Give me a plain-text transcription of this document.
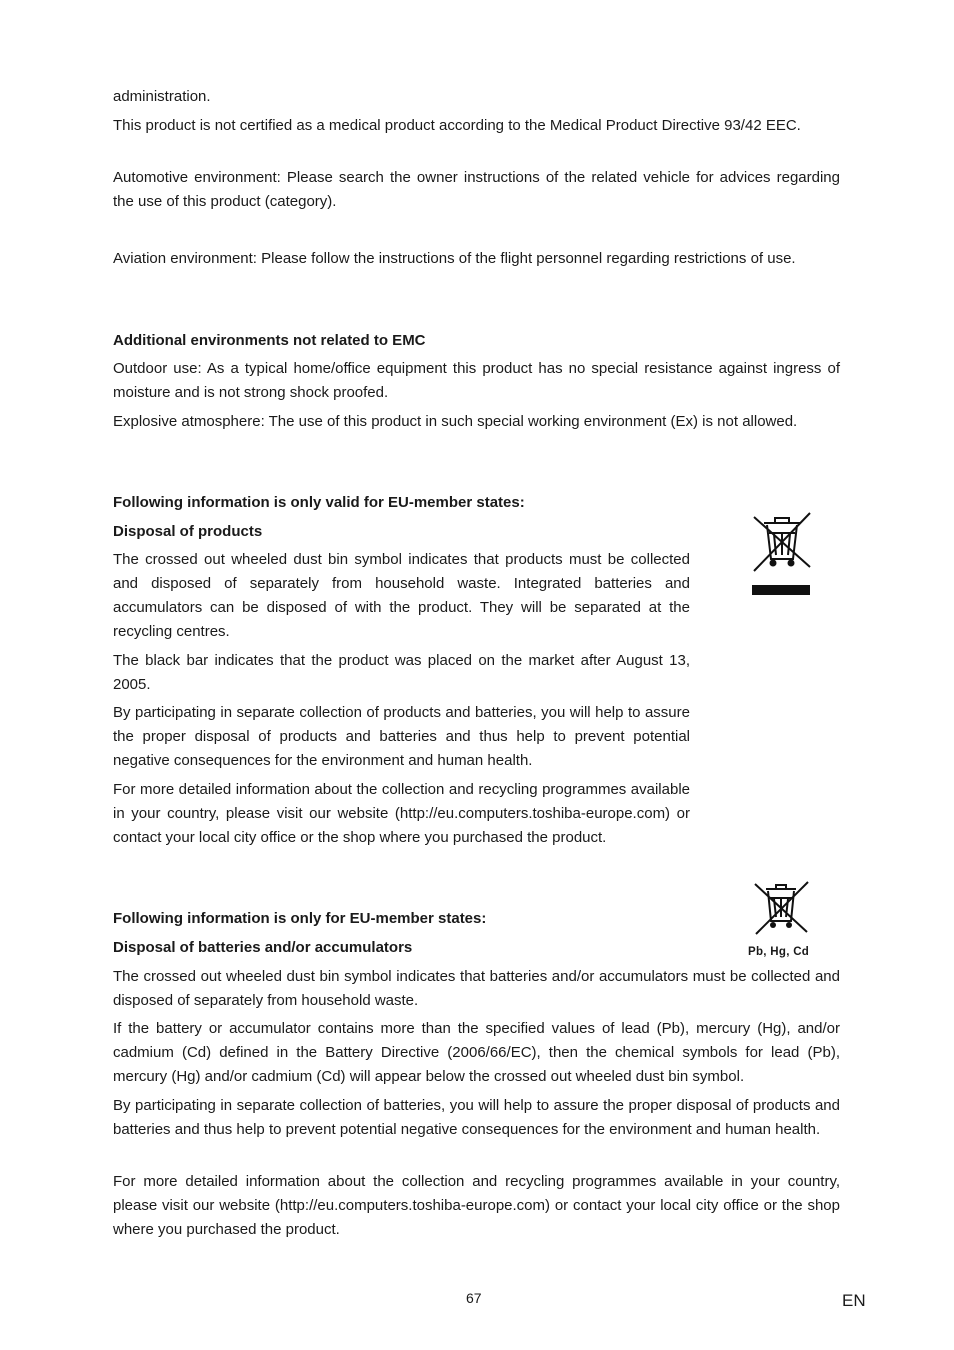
administration.

This product is not certified as a medical product according to the Medical Product Directive 93/42 EEC.

Automotive environment: Please search the owner instructions of the related vehicle for advices regarding the use of this product (category).

Aviation environment: Please follow the instructions of the flight personnel regarding restrictions of use.

Additional environments not related to EMC

Outdoor use: As a typical home/office equipment this product has no special resistance against ingress of moisture and is not strong shock proofed.

Explosive atmosphere: The use of this product in such special working environment (Ex) is not allowed.

Following information is only valid for EU-member states:

Disposal of products

The crossed out wheeled dust bin symbol indicates that products must be collected and disposed of separately from household waste. Integrated batteries and accumulators can be disposed of with the product. They will be separated at the recycling centres.

The black bar indicates that the product was placed on the market after August 13, 2005.

By participating in separate collection of products and batteries, you will help to assure the proper disposal of products and batteries and thus help to prevent potential negative consequences for the environment and human health.

For more detailed information about the collection and recycling programmes available in your country, please visit our website (http://eu.computers.toshiba-europe.com) or contact your local city office or the shop where you purchased the product.

Following information is only for EU-member states:

Disposal of batteries and/or accumulators	Pb, Hg, Cd

The crossed out wheeled dust bin symbol indicates that batteries and/or accumulators must be collected and disposed of separately from household waste.

If the battery or accumulator contains more than the specified values of lead (Pb), mercury (Hg), and/or cadmium (Cd) defined in the Battery Directive (2006/66/EC), then the chemical symbols for lead (Pb), mercury (Hg) and/or cadmium (Cd) will appear below the crossed out wheeled dust bin symbol.

By participating in separate collection of batteries, you will help to assure the proper disposal of products and batteries and thus help to prevent potential negative consequences for the environment and human health.

For more detailed information about the collection and recycling programmes available in your country, please visit our website (http://eu.computers.toshiba-europe.com) or contact your local city office or the shop where you purchased the product.

67	EN
